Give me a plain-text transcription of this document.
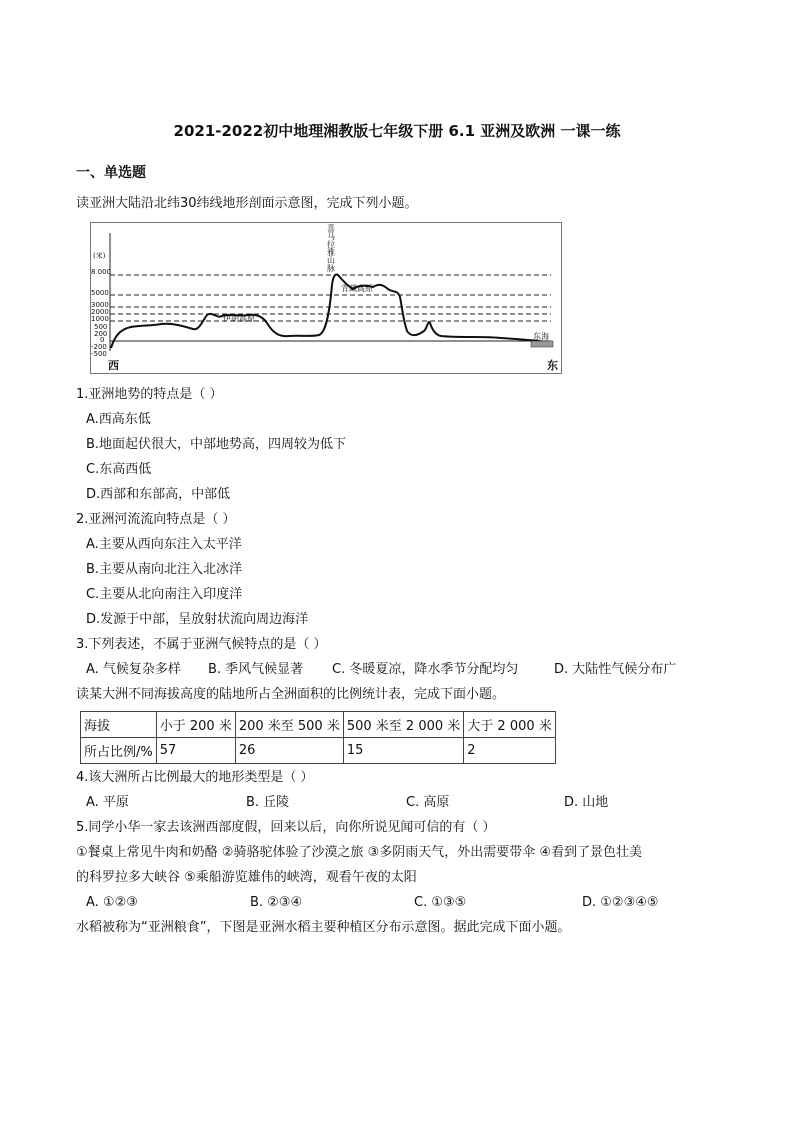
2021-2022初中地理湘教版七年级下册 6.1 亚洲及欧洲 一课一练
一、单选题
读亚洲大陆沿北纬30纬线地形剖面示意图，完成下列小题。
(米)
8 000
5000
3000
2000
1000
500
200
0
-200
-500
喜马拉雅山脉
青藏高原
伊朗高原
东海
西	东
1.亚洲地势的特点是（ ）
A.西高东低
B.地面起伏很大，中部地势高，四周较为低下
C.东高西低
D.西部和东部高，中部低
2.亚洲河流流向特点是（ ）
A.主要从西向东注入太平洋
B.主要从南向北注入北冰洋
C.主要从北向南注入印度洋
D.发源于中部，呈放射状流向周边海洋
3.下列表述，不属于亚洲气候特点的是（ ）
A. 气候复杂多样 B. 季风气候显著 C. 冬暖夏凉，降水季节分配均匀	D. 大陆性气候分布广
读某大洲不同海拔高度的陆地所占全洲面积的比例统计表，完成下面小题。
海拔	小于 200 米	200 米至 500 米	500 米至 2 000 米	大于 2 000 米
所占比例/%	57	26	15	2
4.该大洲所占比例最大的地形类型是（ ）
A. 平原	B. 丘陵	C. 高原	D. 山地
5.同学小华一家去该洲西部度假，回来以后，向你所说见闻可信的有（ ）
①餐桌上常见牛肉和奶酪 ②骑骆驼体验了沙漠之旅 ③多阴雨天气，外出需要带伞 ④看到了景色壮美
的科罗拉多大峡谷 ⑤乘船游览雄伟的峡湾，观看午夜的太阳
A. ①②③	B. ②③④	C. ①③⑤	D. ①②③④⑤
水稻被称为“亚洲粮食”，下图是亚洲水稻主要种植区分布示意图。据此完成下面小题。
